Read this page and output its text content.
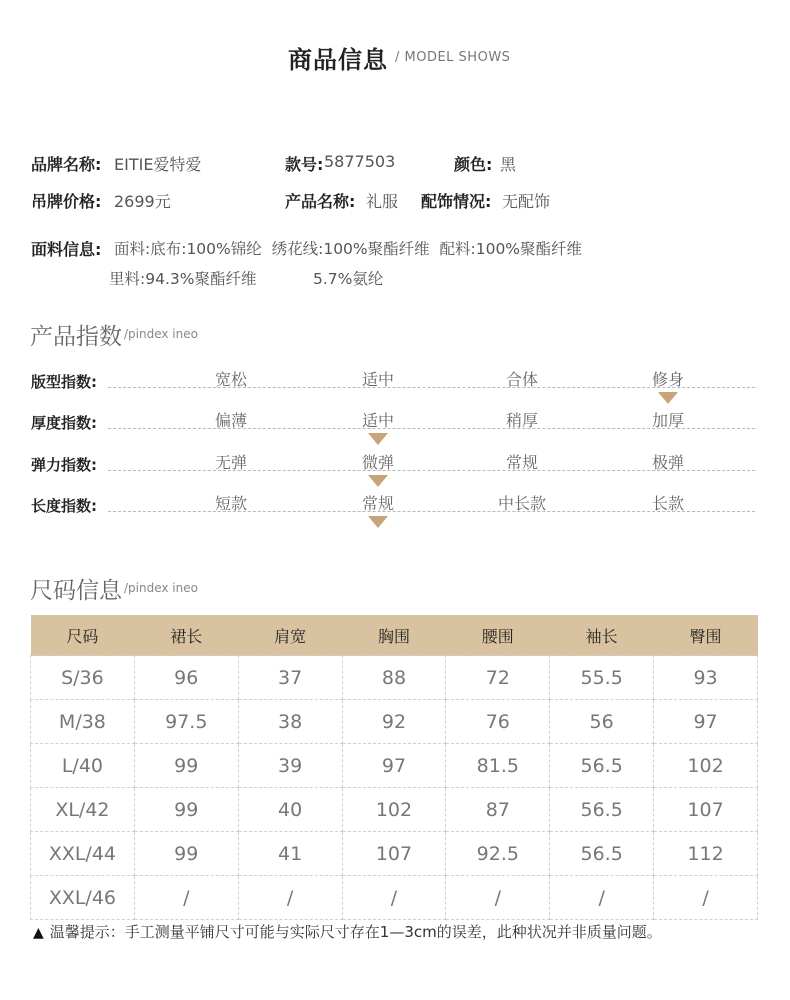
商品信息 / MODEL SHOWS
品牌名称: EITIE爱特爱	款号: 5877503	颜色: 黑
吊牌价格: 2699元	产品名称: 礼服 配饰情况: 无配饰
面料信息: 面料:底布:100%锦纶  绣花线:100%聚酯纤维  配料:100%聚酯纤维
里料:94.3%聚酯纤维	5.7%氨纶
产品指数 /pindex ineo
版型指数:	宽松	适中	合体	修身
厚度指数:	偏薄	适中	稍厚	加厚
弹力指数:	无弹	微弹	常规	极弹
长度指数:	短款	常规	中长款	长款
尺码信息 /pindex ineo
尺码	裙长	肩宽	胸围	腰围	袖长	臀围
S/36	96	37	88	72	55.5	93
M/38	97.5	38	92	76	56	97
L/40	99	39	97	81.5	56.5	102
XL/42	99	40	102	87	56.5	107
XXL/44	99	41	107	92.5	56.5	112
XXL/46	/	/	/	/	/	/
▲ 温馨提示：手工测量平铺尺寸可能与实际尺寸存在1—3cm的误差，此种状况并非质量问题。
